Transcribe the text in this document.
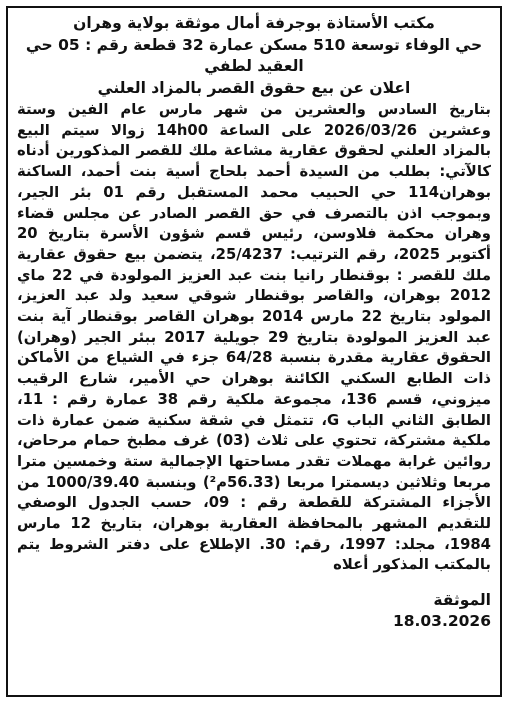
مكتب الأستاذة بوجرفة أمال موثقة بولاية وهران

حي الوفاء توسعة 510 مسكن عمارة 32 قطعة رقم : 05 حي العقيد لطفي

اعلان عن بيع حقوق القصر بالمزاد العلني

بتاريخ السادس والعشرين من شهر مارس عام الفين وستة وعشرين 2026/03/26 على الساعة 14h00 زوالا سيتم البيع بالمزاد العلني لحقوق عقارية مشاعة ملك للقصر المذكورين أدناه كالآتي: بطلب من السيدة أحمد بلحاج أسية بنت أحمد، الساكنة بوهران114 حي الحبيب محمد المستقبل رقم 01 بئر الجير، وبموجب اذن بالتصرف في حق القصر الصادر عن مجلس قضاء وهران محكمة فلاوسن، رئيس قسم شؤون الأسرة بتاريخ 20 أكتوبر 2025، رقم الترتيب: 25/4237، يتضمن بيع حقوق عقارية ملك للقصر : بوقنطار رانيا بنت عبد العزيز المولودة في 22 ماي 2012 بوهران، والقاصر بوقنطار شوقي سعيد ولد عبد العزيز، المولود بتاريخ 22 مارس 2014 بوهران القاصر بوقنطار آية بنت عبد العزيز المولودة بتاريخ 29 جويلية 2017 ببئر الجير (وهران) الحقوق عقارية مقدرة بنسبة 64/28 جزء في الشياع من الأماكن ذات الطابع السكني الكائنة بوهران حي الأمير، شارع الرقيب ميزوني، قسم 136، مجموعة ملكية رقم 38 عمارة رقم : 11، الطابق الثاني الباب G، تتمثل في شقة سكنية ضمن عمارة ذات ملكية مشتركة، تحتوي على ثلاث (03) غرف مطبخ حمام مرحاض، روائين غرابة مهملات تقدر مساحتها الإجمالية ستة وخمسين مترا مربعا وثلاثين ديسمترا مربعا (56.33م²) وبنسبة 1000/39.40 من الأجزاء المشتركة للقطعة رقم : 09، حسب الجدول الوصفي للتقديم المشهر بالمحافظة العقارية بوهران، بتاريخ 12 مارس 1984، مجلد: 1997، رقم: 30. الإطلاع على دفتر الشروط يتم بالمكتب المذكور أعلاه

الموثقة
18.03.2026
